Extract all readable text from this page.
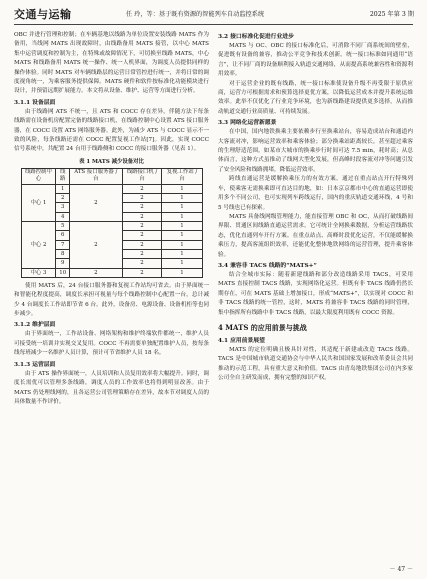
交通与运输	任 玲，等：基于既有资源的智能列车自动监控系统	2025 年第 3 期

OBC 并进行管理和控制；在车辆基地以线路为单位设置安装线路 MATS 作为备用，当线网 MATS 出现故障时，由线路备用 MATS 接管，以中心 MATS 集中运营调度和控制为主，在特殊或故障情况下，可切换至线路 MATS，中心 MATS 和线路备用 MATS 统一操作、统一人机界面，为调度人员提供同样的操作体验。同时 MATS 对车辆线路层的运营日常管控进行统一，并将日常的调度视角统一，为乘客服务提供保障。MATS 硬件和软件按标准化功能模块进行设计，并预留远期扩展能力。本文将从设备、维护、运营等方面进行分析。

3.1.1 设备层面

由于线路网 ATS 不统一，且 ATS 和 COCC 存在差异，伴随方法下每条线路需在设备机房配置完备的线路接口机，在线路控制中心设置 ATS 接口服务器，在 COCC 设置 ATS 网络服务器。此外，为减少 ATS 与 COCC 显示不一致的风险，每条线路还需在 COCC 配置复视工作站[7]。因此，实现 COCC 信号系统中，共配置 24 台用于线路侧和 COCC 的接口服务器（见表 1）。

表 1 MATS 减少设备对比
线路控制中心	线路	ATS 接口服务器 / 台	线路接口机 / 台	复视工作站 / 台
中心 1	1	2	2	1
	2		2	1
	3		2	1
	4		2	1
中心 2	5	2	2	1
	6		2	1
	7		2	1
	8		2	1
	9		2	1
中心 3	10	2	2	1

使用 MATS 后，24 台接口服务器和复视工作站均可省去。由于界面统一和智能化程度提高，调度长承担可视量与每个线路控制中心配置一台，总计减少 4 台调度长工作站即节省 6 台。此外，设备房、电源设备、设备机柜等也同步减少。

3.1.2 维护层面

由于界面统一，工作站设备、网络架构和维护终端软件都统一，维护人员可接受统一培训并实现交叉复用。COCC 不再需要单独配置维护人员，按每条线每班减少一名维护人员计算，预计可节省维护人员 18 名。

3.1.3 运营层面

由于 ATS 操作界面统一，人员培训和人员复用效率将大幅提升。同时，调度长需优可以管理多条线路，调度人员的工作效率也将得到明显改善。由于 MATS 仍处理线网的，且各运营公司管理策略存在差异，故本节对调度人员的具体数量不作评价。

3.2 接口标准化促进行业进步

MATS 与 OC、OBC 的接口标准化后，可消除不同厂商系统间的壁垒，促进既有设备的兼容，推动公平竞争和技术创新。统一接口标准如同通用“语言”，让不同厂商的设备顺利接入轨道交通网络，从而提高系统兼容性和资源利用效率。

对于运营企业的既有线路，统一接口标准使设备升级不再受限于原供应商，运营方可根据需求和预算选择更优方案，以降低运营成本并提升系统运维效率。此举不仅优化了行业竞争环境，也为新线路建设提供更多选择，从而推动轨道交通行业高质量、可持续发展。

3.3 网络化运营新愿景

在中国，国内地铁换乘主要依赖步行至换乘站台，容易造成站台和通道内大客流对冲，影响运营效率和乘客体验；部分换乘站距离较长，甚至超过乘客的生理舒适范围。如某市大城市的换乘步行时间可达 7.5 min，耗时高；从总体而言，这种方式虽推动了线网大型化发展，但高峰时段客流对冲等问题引发了安全风险和线路拥堵，降低运营效率。

跨线直通运营是缓解换乘压力的有效方案。通过在重点站点开行特殊列车，使乘客无需换乘即可直达目的地，如：日本京京都市中心的直通运营即使用多个不同公司，也可实现列车跨线运行，国内的重庆轨道交通环线，4 号和 5 号线也已有探索。

MATS 具备线网级管理能力，能直接管理 OBC 和 OC，从而打破线路间界限、贯通区间线路直通运营需求。它可统计全网换乘数据，分析运营线路状态，优化直通列车开行方案。在重点站点、高峰时段优化运营，不仅能缓解换乘压力，提高客流组织效率，还能优化整体地铁网络的运营管理，提升乘客体验。

3.4 兼容非 TACS 线路的“MATS+”

结合全城市实际：随着新建线路和部分改造线路采用 TACS，可采用 MATS 直接控制 TACS 线路，实现网络化运营。但既有非 TACS 线路仍然长期存在，可在 MATS 基础上增加接口，形成“MATS+”，以实现对 COCC 和非 TACS 线路的统一管控，这时，MATS 将兼容非 TACS 线路的同时管理，集中指挥所有线路中非 TACS 线路，以最大限度利用既有 COCC 资源。

4 MATS 的应用前景与挑战
4.1 应用前景展望

MATS 的定位明确且极具针对性，其适配于新建或改造 TACS 线路。TACS 是中国城市轨道交通协会与中华人民共和国国家发展和改革委员会共同推动的示范工程，具有重大意义和价值。TACS 由青岛地铁集团公司在内多家公司全自主研发而成，拥有完整的知识产权。

－ 47 －
